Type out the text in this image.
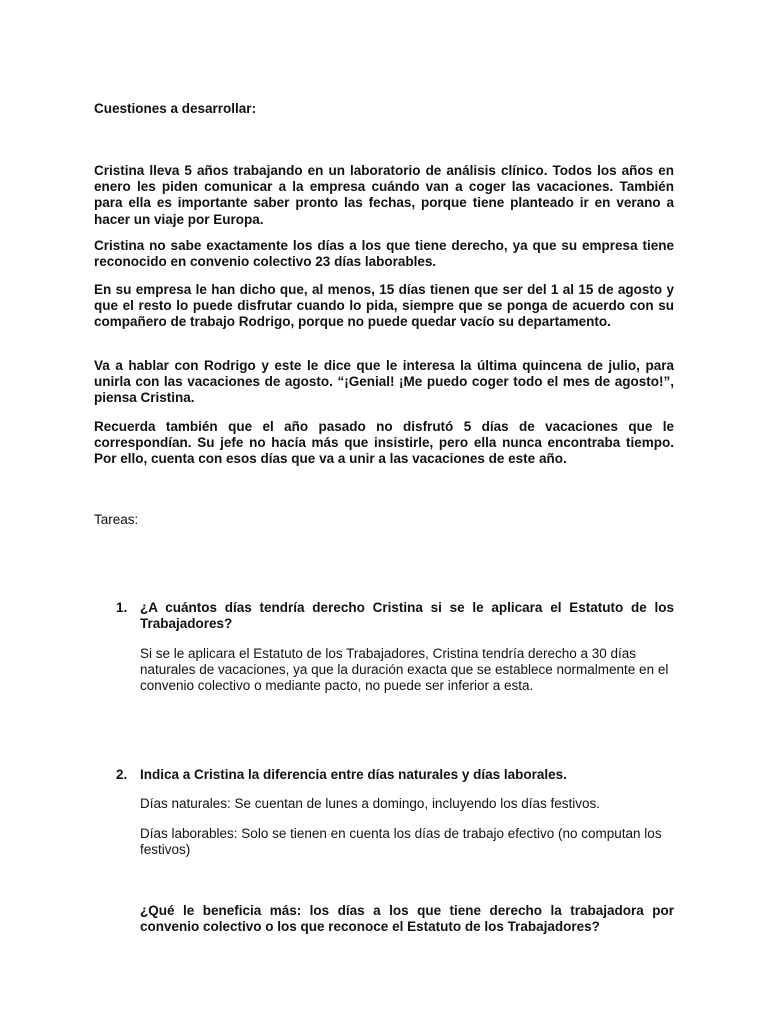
Cuestiones a desarrollar:

Cristina lleva 5 años trabajando en un laboratorio de análisis clínico. Todos los años en enero les piden comunicar a la empresa cuándo van a coger las vacaciones. También para ella es importante saber pronto las fechas, porque tiene planteado ir en verano a hacer un viaje por Europa.

Cristina no sabe exactamente los días a los que tiene derecho, ya que su empresa tiene reconocido en convenio colectivo 23 días laborables.

En su empresa le han dicho que, al menos, 15 días tienen que ser del 1 al 15 de agosto y que el resto lo puede disfrutar cuando lo pida, siempre que se ponga de acuerdo con su compañero de trabajo Rodrigo, porque no puede quedar vacío su departamento.

Va a hablar con Rodrigo y este le dice que le interesa la última quincena de julio, para unirla con las vacaciones de agosto. “¡Genial! ¡Me puedo coger todo el mes de agosto!”, piensa Cristina.

Recuerda también que el año pasado no disfrutó 5 días de vacaciones que le correspondían. Su jefe no hacía más que insistirle, pero ella nunca encontraba tiempo. Por ello, cuenta con esos días que va a unir a las vacaciones de este año.

Tareas:

1. ¿A cuántos días tendría derecho Cristina si se le aplicara el Estatuto de los Trabajadores?

Si se le aplicara el Estatuto de los Trabajadores, Cristina tendría derecho a 30 días naturales de vacaciones, ya que la duración exacta que se establece normalmente en el convenio colectivo o mediante pacto, no puede ser inferior a esta.

2. Indica a Cristina la diferencia entre días naturales y días laborales.

Días naturales: Se cuentan de lunes a domingo, incluyendo los días festivos.

Días laborables: Solo se tienen en cuenta los días de trabajo efectivo (no computan los festivos)

¿Qué le beneficia más: los días a los que tiene derecho la trabajadora por convenio colectivo o los que reconoce el Estatuto de los Trabajadores?
